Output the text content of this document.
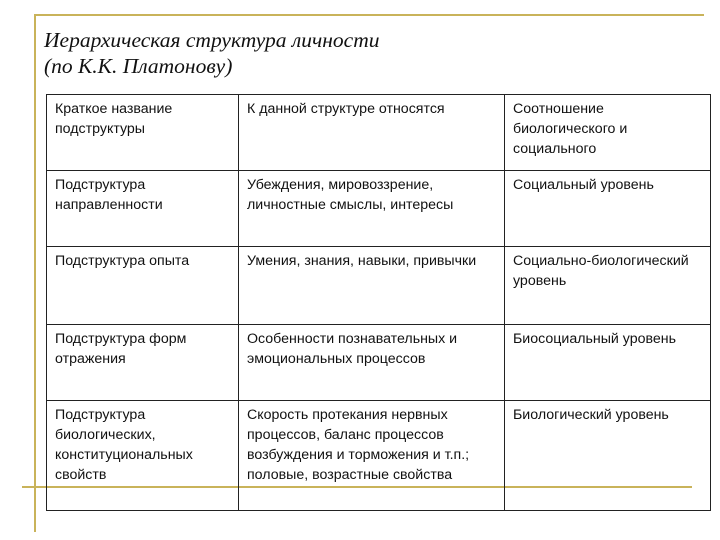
Иерархическая структура личности
(по К.К. Платонову)
Краткое название подструктуры	К данной структуре относятся	Соотношение биологического и социального
Подструктура направленности	Убеждения, мировоззрение, личностные смыслы, интересы	Социальный уровень
Подструктура опыта	Умения, знания, навыки, привычки	Социально-биологический уровень
Подструктура форм отражения	Особенности познавательных и эмоциональных процессов	Биосоциальный уровень
Подструктура биологических, конституциональных свойств	Скорость протекания нервных процессов, баланс процессов возбуждения и торможения и т.п.; половые, возрастные свойства	Биологический уровень
